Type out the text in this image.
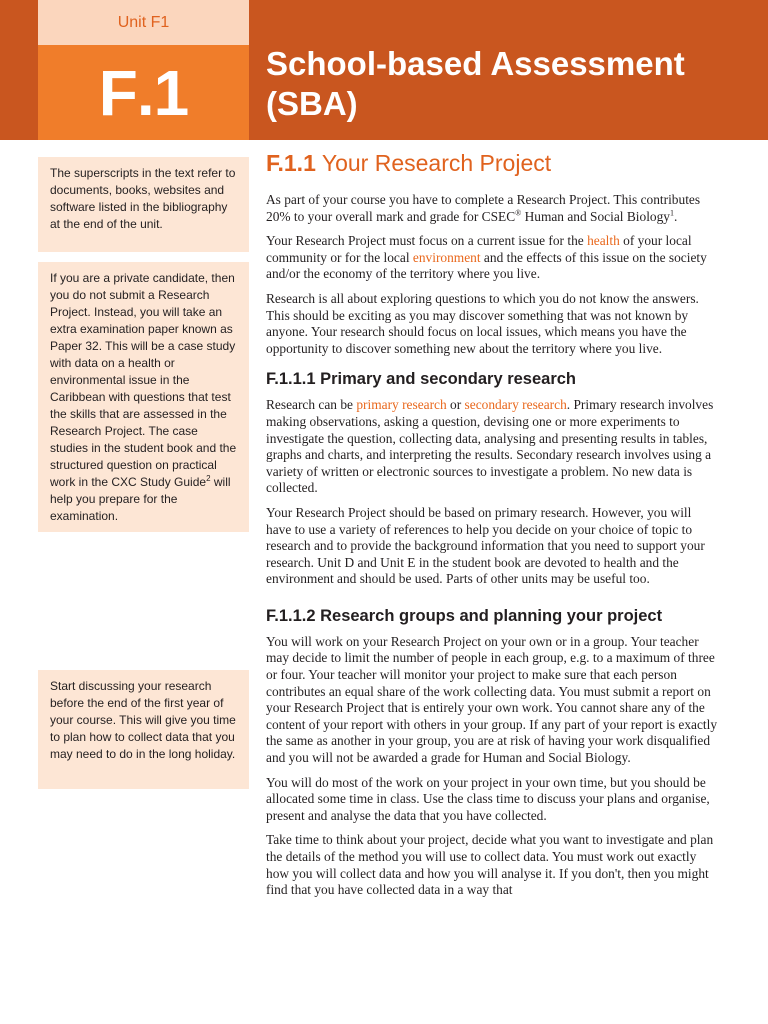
Unit F1
F . 1 School-based Assessment (SBA)
The superscripts in the text refer to documents, books, websites and software listed in the bibliography at the end of the unit.
If you are a private candidate, then you do not submit a Research Project. Instead, you will take an extra examination paper known as Paper 32. This will be a case study with data on a health or environmental issue in the Caribbean with questions that test the skills that are assessed in the Research Project. The case studies in the student book and the structured question on practical work in the CXC Study Guide$^2$ will help you prepare for the examination.
Start discussing your research before the end of the first year of your course. This will give you time to plan how to collect data that you may need to do in the long holiday.
F.1.1 Your Research Project

As part of your course you have to complete a Research Project. This contributes 20% to your overall mark and grade for CSEC® Human and Social Biology$^1$.

Your Research Project must focus on a current issue for the health of your local community or for the local environment and the effects of this issue on the society and/or the economy of the territory where you live.

Research is all about exploring questions to which you do not know the answers. This should be exciting as you may discover something that was not known by anyone. Your research should focus on local issues, which means you have the opportunity to discover something new about the territory where you live.

F.1.1.1 Primary and secondary research

Research can be primary research or secondary research. Primary research involves making observations, asking a question, devising one or more experiments to investigate the question, collecting data, analysing and presenting results in tables, graphs and charts, and interpreting the results. Secondary research involves using a variety of written or electronic sources to investigate a problem. No new data is collected.

Your Research Project should be based on primary research. However, you will have to use a variety of references to help you decide on your choice of topic to research and to provide the background information that you need to support your research. Unit D and Unit E in the student book are devoted to health and the environment and should be used. Parts of other units may be useful too.

F.1.1.2 Research groups and planning your project

You will work on your Research Project on your own or in a group. Your teacher may decide to limit the number of people in each group, e.g. to a maximum of three or four. Your teacher will monitor your project to make sure that each person contributes an equal share of the work collecting data. You must submit a report on your Research Project that is entirely your own work. You cannot share any of the content of your report with others in your group. If any part of your report is exactly the same as another in your group, you are at risk of having your work disqualified and you will not be awarded a grade for Human and Social Biology.

You will do most of the work on your project in your own time, but you should be allocated some time in class. Use the class time to discuss your plans and organise, present and analyse the data that you have collected.

Take time to think about your project, decide what you want to investigate and plan the details of the method you will use to collect data. You must work out exactly how you will collect data and how you will analyse it. If you don't, then you might find that you have collected data in a way that
